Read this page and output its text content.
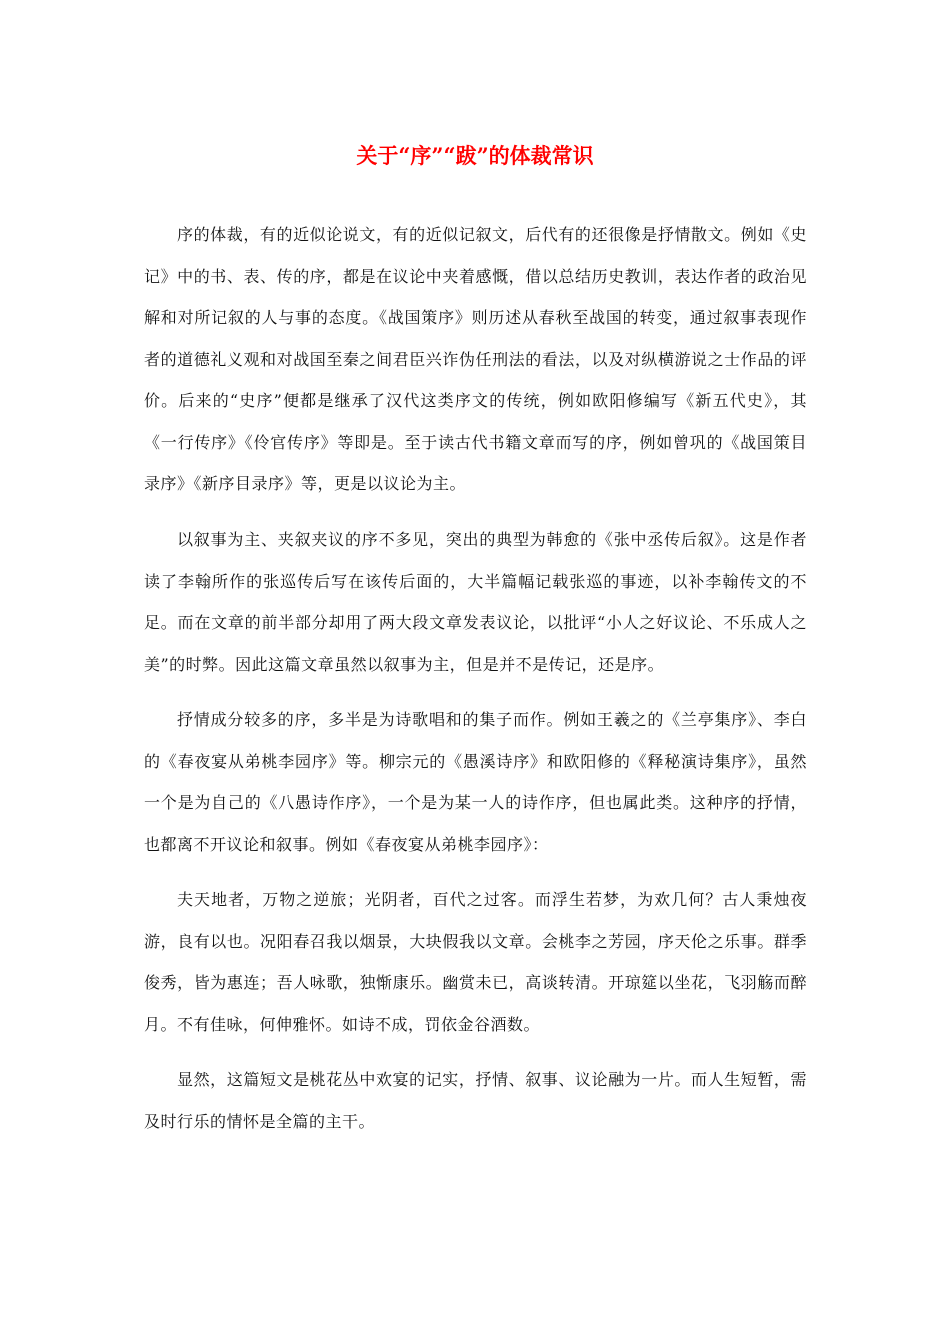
关于“序”“跋”的体裁常识

序的体裁，有的近似论说文，有的近似记叙文，后代有的还很像是抒情散文。例如《史记》中的书、表、传的序，都是在议论中夹着感慨，借以总结历史教训，表达作者的政治见解和对所记叙的人与事的态度。《战国策序》则历述从春秋至战国的转变，通过叙事表现作者的道德礼义观和对战国至秦之间君臣兴诈伪任刑法的看法，以及对纵横游说之士作品的评价。后来的“史序”便都是继承了汉代这类序文的传统，例如欧阳修编写《新五代史》，其《一行传序》《伶官传序》等即是。至于读古代书籍文章而写的序，例如曾巩的《战国策目录序》《新序目录序》等，更是以议论为主。

以叙事为主、夹叙夹议的序不多见，突出的典型为韩愈的《张中丞传后叙》。这是作者读了李翰所作的张巡传后写在该传后面的，大半篇幅记载张巡的事迹，以补李翰传文的不足。而在文章的前半部分却用了两大段文章发表议论，以批评“小人之好议论、不乐成人之美”的时弊。因此这篇文章虽然以叙事为主，但是并不是传记，还是序。

抒情成分较多的序，多半是为诗歌唱和的集子而作。例如王羲之的《兰亭集序》、李白的《春夜宴从弟桃李园序》等。柳宗元的《愚溪诗序》和欧阳修的《释秘演诗集序》，虽然一个是为自己的《八愚诗作序》，一个是为某一人的诗作序，但也属此类。这种序的抒情，也都离不开议论和叙事。例如《春夜宴从弟桃李园序》：

夫天地者，万物之逆旅；光阴者，百代之过客。而浮生若梦，为欢几何？古人秉烛夜游，良有以也。况阳春召我以烟景，大块假我以文章。会桃李之芳园，序天伦之乐事。群季俊秀，皆为惠连；吾人咏歌，独惭康乐。幽赏未已，高谈转清。开琼筵以坐花，飞羽觞而醉月。不有佳咏，何伸雅怀。如诗不成，罚依金谷酒数。

显然，这篇短文是桃花丛中欢宴的记实，抒情、叙事、议论融为一片。而人生短暂，需及时行乐的情怀是全篇的主干。
